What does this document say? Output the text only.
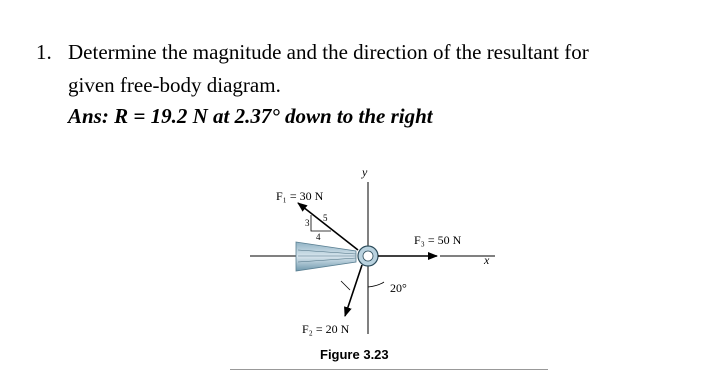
1. Determine the magnitude and the direction of the resultant for
given free-body diagram.
Ans: R = 19.2 N at 2.37° down to the right
y
x
F₁ = 30 N
5
3
4	F₃ = 50 N
20°
F₂ = 20 N
Figure 3.23
